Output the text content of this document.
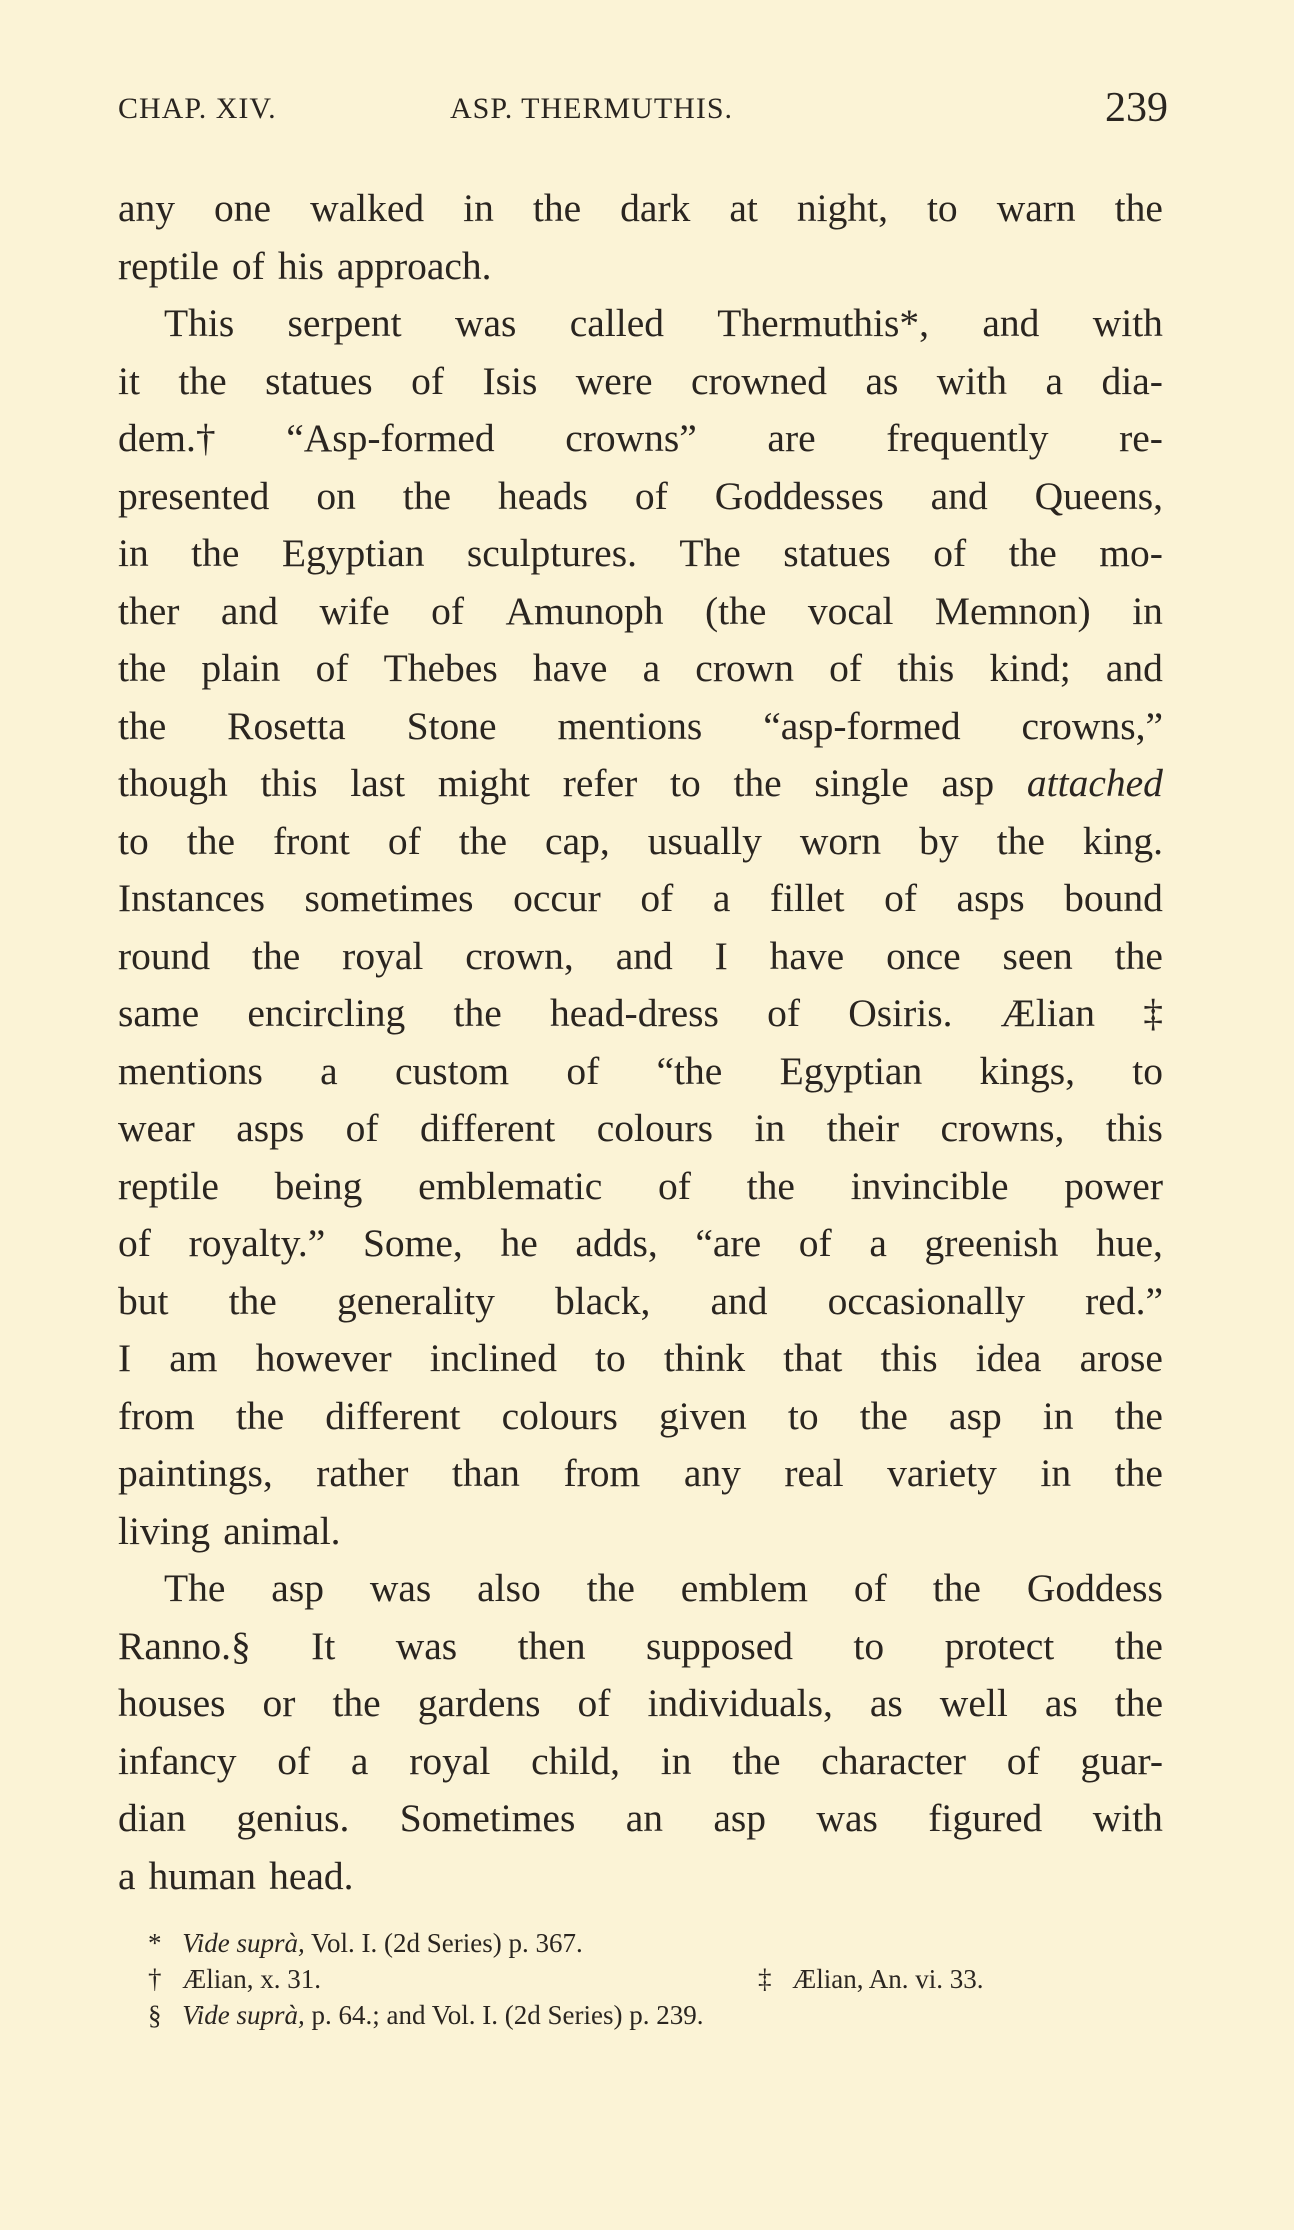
CHAP. XIV.	ASP. THERMUTHIS.	239
any one walked in the dark at night, to warn the
reptile of his approach.
This serpent was called Thermuthis*, and with
it the statues of Isis were crowned as with a dia-
dem.† “Asp-formed crowns” are frequently re-
presented on the heads of Goddesses and Queens,
in the Egyptian sculptures. The statues of the mo-
ther and wife of Amunoph (the vocal Memnon) in
the plain of Thebes have a crown of this kind; and
the Rosetta Stone mentions “asp-formed crowns,”
though this last might refer to the single asp attached
to the front of the cap, usually worn by the king.
Instances sometimes occur of a fillet of asps bound
round the royal crown, and I have once seen the
same encircling the head-dress of Osiris. Ælian ‡
mentions a custom of “the Egyptian kings, to
wear asps of different colours in their crowns, this
reptile being emblematic of the invincible power
of royalty.” Some, he adds, “are of a greenish hue,
but the generality black, and occasionally red.”
I am however inclined to think that this idea arose
from the different colours given to the asp in the
paintings, rather than from any real variety in the
living animal.
The asp was also the emblem of the Goddess
Ranno.§ It was then supposed to protect the
houses or the gardens of individuals, as well as the
infancy of a royal child, in the character of guar-
dian genius. Sometimes an asp was figured with
a human head.
* Vide suprà, Vol. I. (2d Series) p. 367.
† Ælian, x. 31.	‡ Ælian, An. vi. 33.
§ Vide suprà, p. 64.; and Vol. I. (2d Series) p. 239.
